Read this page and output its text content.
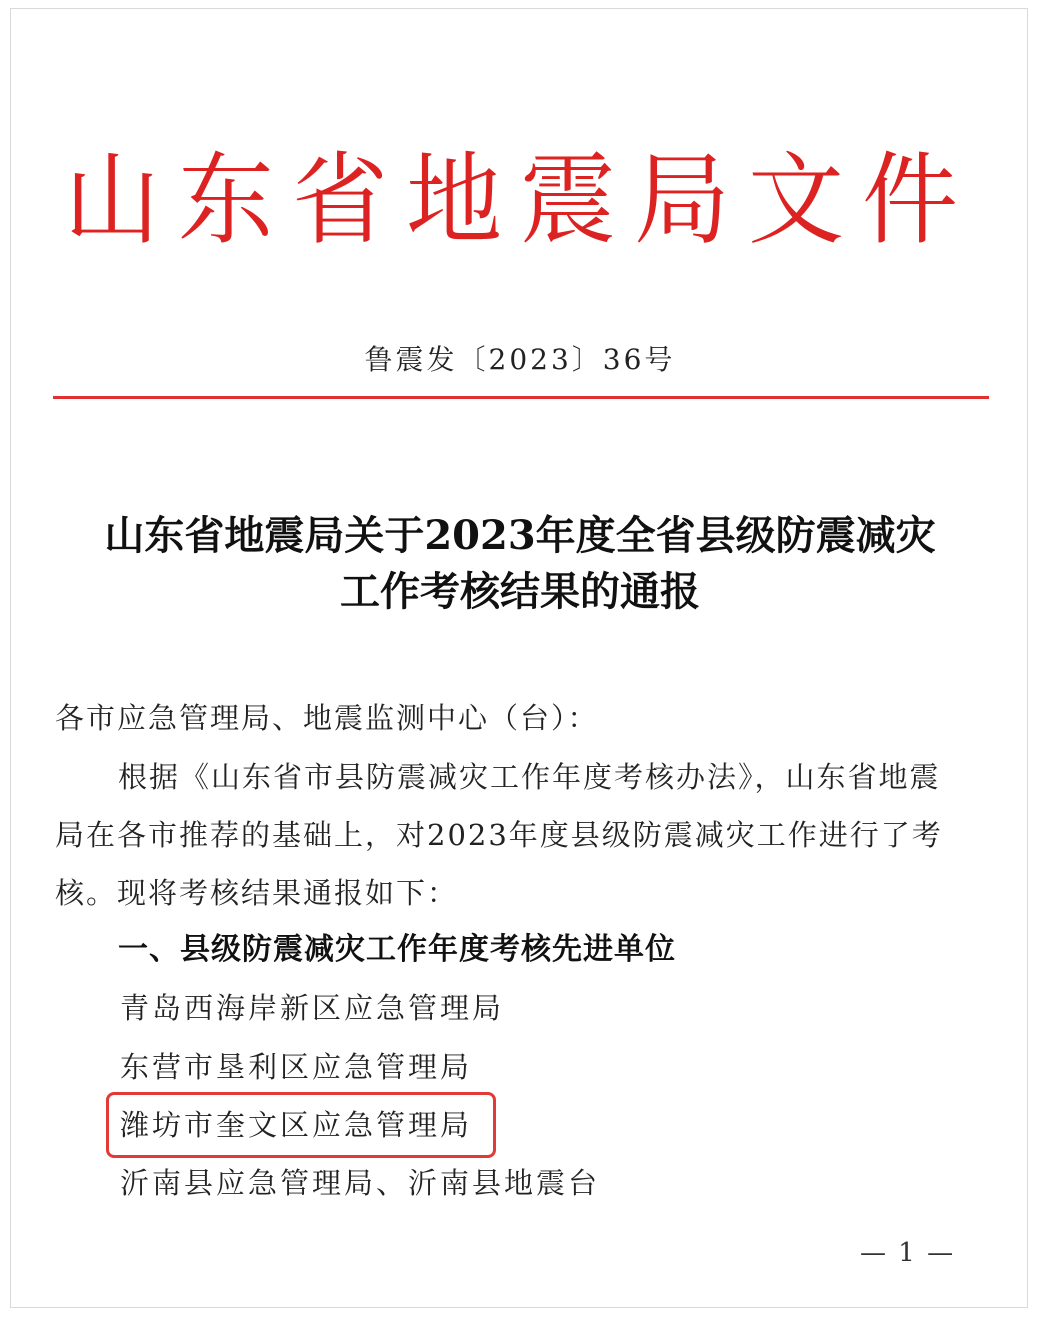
山东省地震局文件
鲁震发〔2023〕36号
山东省地震局关于2023年度全省县级防震减灾
工作考核结果的通报
各市应急管理局、地震监测中心（台）：
根据《山东省市县防震减灾工作年度考核办法》，山东省地震
局在各市推荐的基础上，对2023年度县级防震减灾工作进行了考
核。现将考核结果通报如下：
一、县级防震减灾工作年度考核先进单位
青岛西海岸新区应急管理局
东营市垦利区应急管理局
潍坊市奎文区应急管理局
沂南县应急管理局、沂南县地震台
— 1 —
